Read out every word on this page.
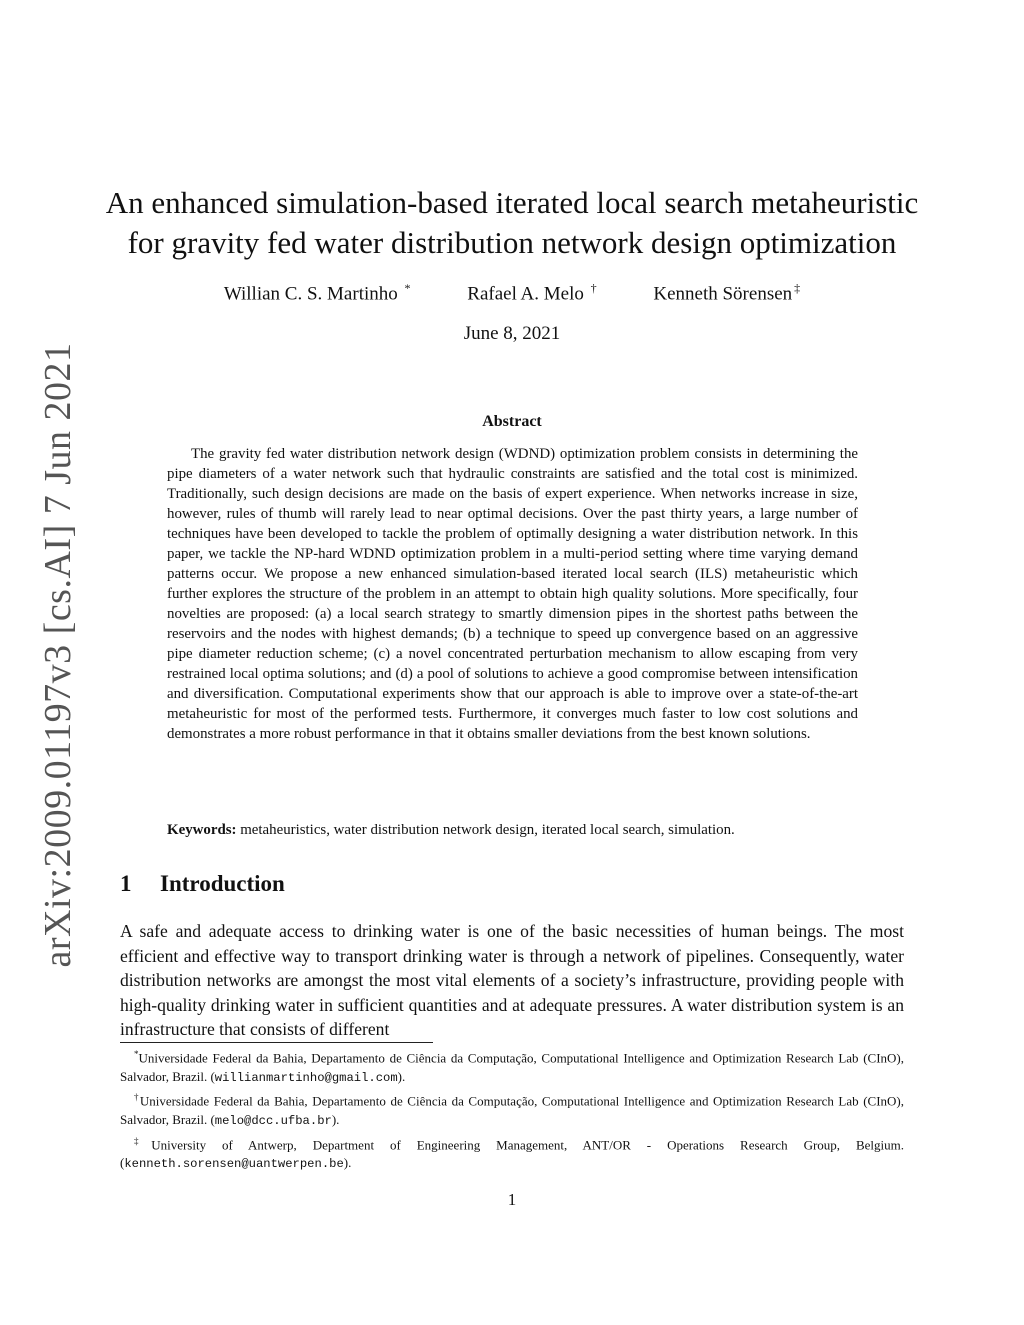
arXiv:2009.01197v3 [cs.AI] 7 Jun 2021
An enhanced simulation-based iterated local search metaheuristic
for gravity fed water distribution network design optimization
Willian C. S. Martinho *	Rafael A. Melo †	Kenneth Sörensen ‡
June 8, 2021
Abstract
The gravity fed water distribution network design (WDND) optimization problem consists in determining the pipe diameters of a water network such that hydraulic constraints are satisfied and the total cost is minimized. Traditionally, such design decisions are made on the basis of expert experience. When networks increase in size, however, rules of thumb will rarely lead to near optimal decisions. Over the past thirty years, a large number of techniques have been developed to tackle the problem of optimally designing a water distribution network. In this paper, we tackle the NP-hard WDND optimization problem in a multi-period setting where time varying demand patterns occur. We propose a new enhanced simulation-based iterated local search (ILS) metaheuristic which further explores the structure of the problem in an attempt to obtain high quality solutions. More specifically, four novelties are proposed: (a) a local search strategy to smartly dimension pipes in the shortest paths between the reservoirs and the nodes with highest demands; (b) a technique to speed up convergence based on an aggressive pipe diameter reduction scheme; (c) a novel concentrated perturbation mechanism to allow escaping from very restrained local optima solutions; and (d) a pool of solutions to achieve a good compromise between intensification and diversification. Computational experiments show that our approach is able to improve over a state-of-the-art metaheuristic for most of the performed tests. Furthermore, it converges much faster to low cost solutions and demonstrates a more robust performance in that it obtains smaller deviations from the best known solutions.
Keywords: metaheuristics, water distribution network design, iterated local search, simulation.
1 Introduction
A safe and adequate access to drinking water is one of the basic necessities of human beings. The most efficient and effective way to transport drinking water is through a network of pipelines. Consequently, water distribution networks are amongst the most vital elements of a society’s infrastructure, providing people with high-quality drinking water in sufficient quantities and at adequate pressures. A water distribution system is an infrastructure that consists of different

*Universidade Federal da Bahia, Departamento de Ciência da Computação, Computational Intelligence and Optimization Research Lab (CInO), Salvador, Brazil. (willianmartinho@gmail.com).

†Universidade Federal da Bahia, Departamento de Ciência da Computação, Computational Intelligence and Optimization Research Lab (CInO), Salvador, Brazil. (melo@dcc.ufba.br).

‡University of Antwerp, Department of Engineering Management, ANT/OR - Operations Research Group, Belgium. (kenneth.sorensen@uantwerpen.be).

1
